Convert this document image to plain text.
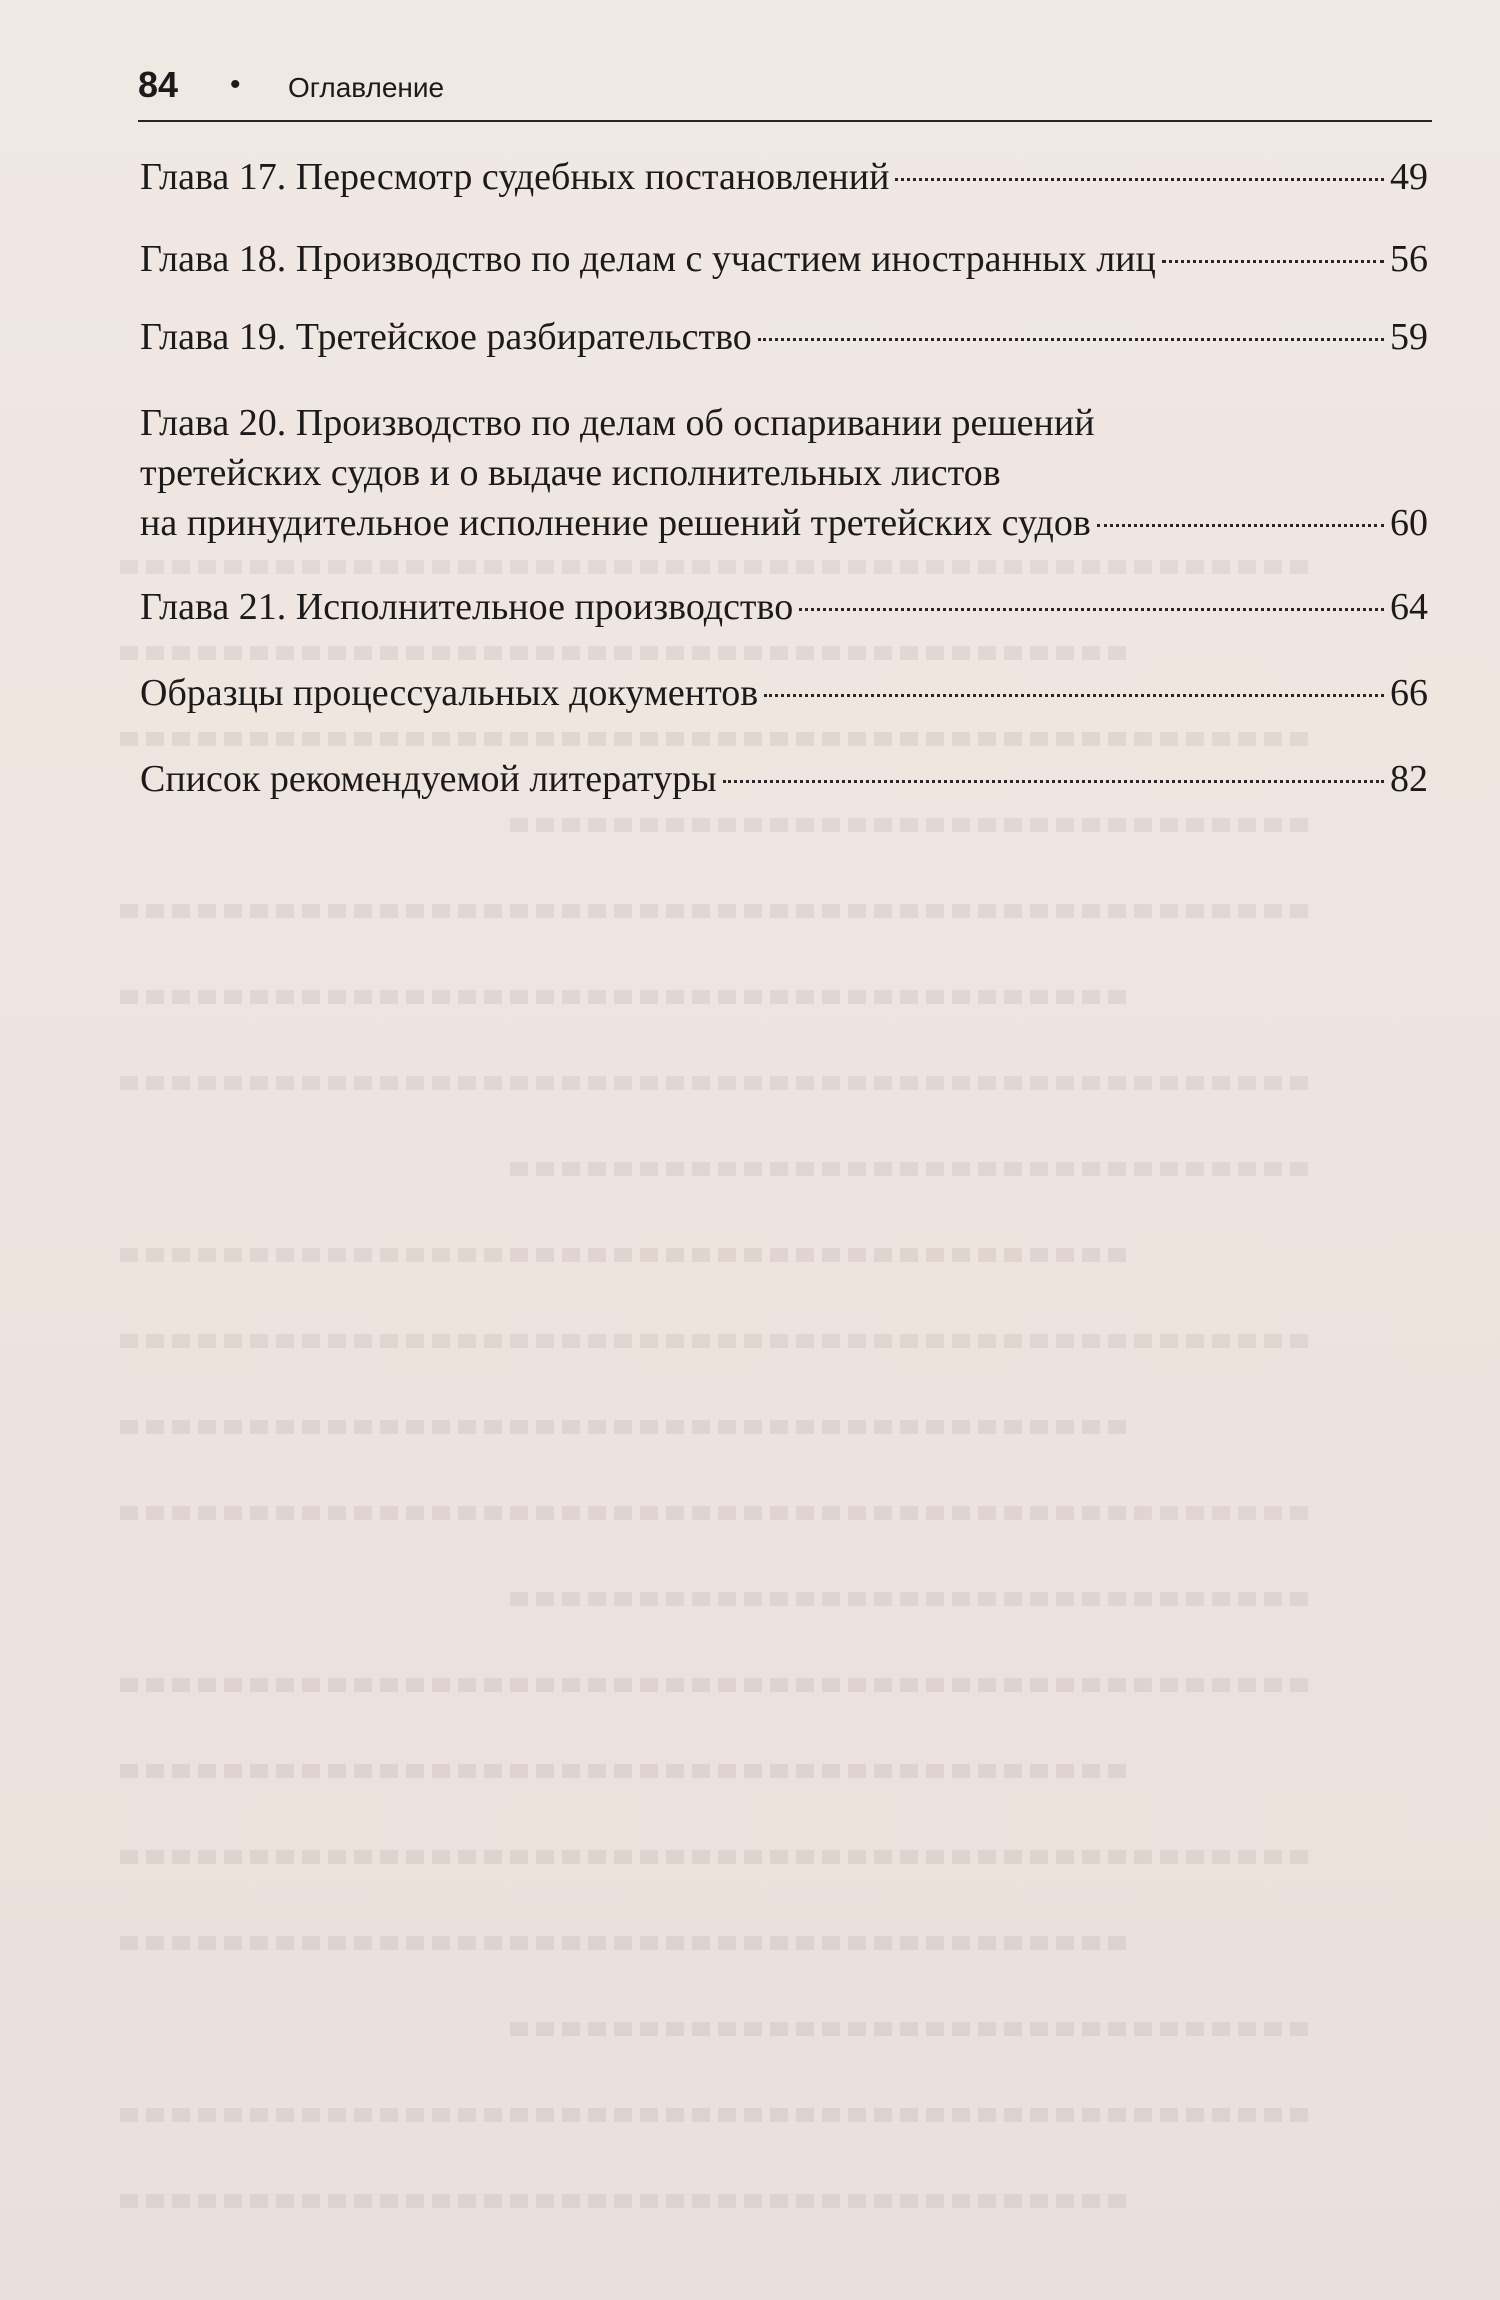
84 • Оглавление
Глава 17. Пересмотр судебных постановлений	49
Глава 18. Производство по делам с участием иностранных лиц	56
Глава 19. Третейское разбирательство	59
Глава 20. Производство по делам об оспаривании решений
третейских судов и о выдаче исполнительных листов
на принудительное исполнение решений третейских судов	60
Глава 21. Исполнительное производство	64
Образцы процессуальных документов	66
Список рекомендуемой литературы	82
